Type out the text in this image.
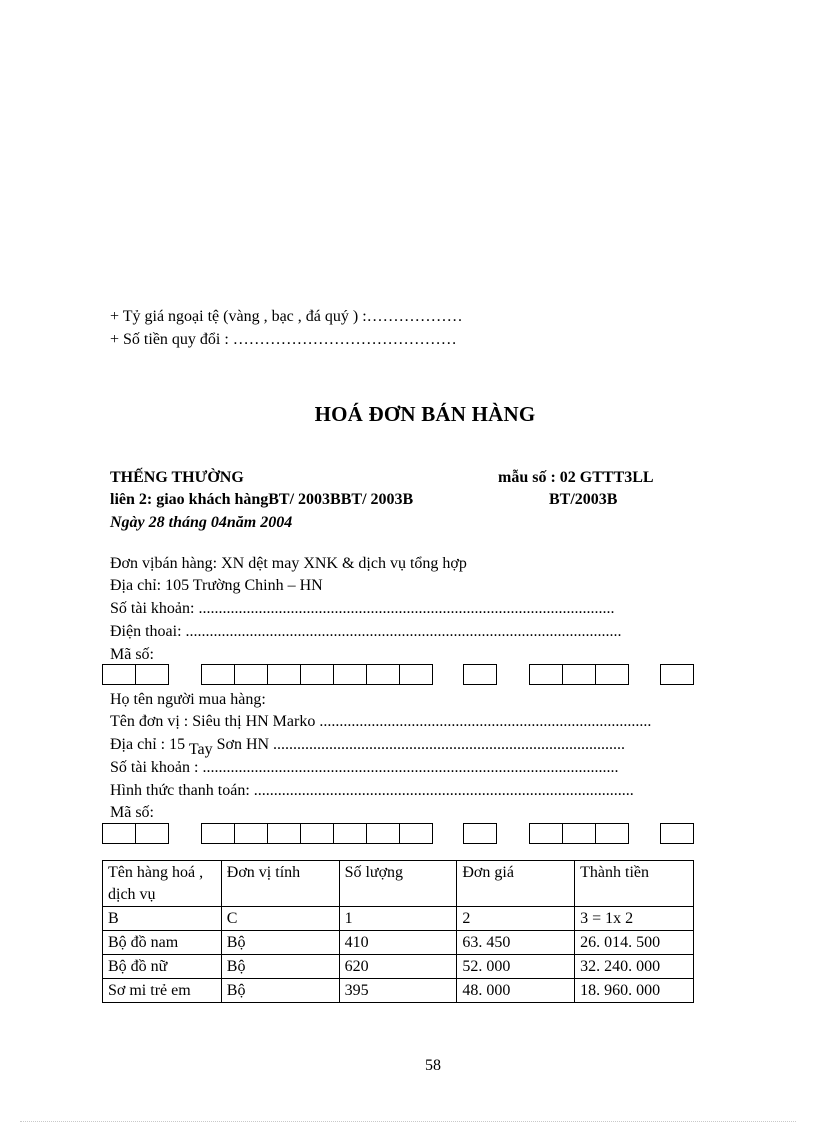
+ Tỷ giá ngoại tệ (vàng , bạc , đá quý ) :………………
+ Số tiền quy đổi : ……………………………………
HOÁ ĐƠN BÁN HÀNG
THẾNG THƯỜNG	mẫu số : 02 GTTT3LL
liên 2: giao khách hàngBT/ 2003BBT/ 2003B	BT/2003B
Ngày 28 tháng 04năm 2004
Đơn vịbán hàng: XN dệt may XNK & dịch vụ tổng hợp
Địa chỉ: 105 Trường Chinh – HN
Số tài khoản: ........................................................................................................
Điện thoai: .............................................................................................................
Mã số:
Họ tên người mua hàng:
Tên đơn vị : Siêu thị HN Marko ...................................................................................
Địa chỉ : 15 Tay Sơn HN ........................................................................................
Số tài khoản : ........................................................................................................
Hình thức thanh toán: ...............................................................................................
Mã số:
Tên hàng hoá , dịch vụ	Đơn vị tính	Số lượng	Đơn giá	Thành tiền
B	C	1	2	3 = 1x 2
Bộ đồ nam	Bộ	410	63. 450	26. 014. 500
Bộ đồ nữ	Bộ	620	52. 000	32. 240. 000
Sơ mi trẻ em	Bộ	395	48. 000	18. 960. 000
58
